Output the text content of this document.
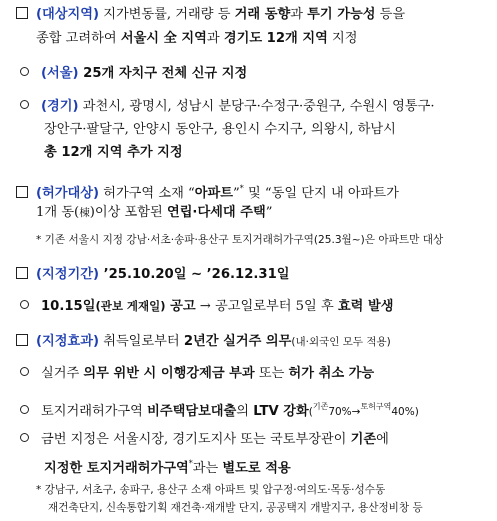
(대상지역) 지가변동률, 거래량 등 거래 동향과 투기 가능성 등을
종합 고려하여 서울시 全 지역과 경기도 12개 지역 지정
(서울) 25개 자치구 전체 신규 지정
(경기) 과천시, 광명시, 성남시 분당구·수정구·중원구, 수원시 영통구·
장안구·팔달구, 안양시 동안구, 용인시 수지구, 의왕시, 하남시
총 12개 지역 추가 지정
(허가대상) 허가구역 소재 “아파트”* 및 “동일 단지 내 아파트가
1개 동(棟)이상 포함된 연립·다세대 주택”
* 기존 서울시 지정 강남·서초·송파·용산구 토지거래허가구역(25.3월~)은 아파트만 대상
(지정기간) ’25.10.20일 ∼ ’26.12.31일
10.15일(관보 게재일) 공고 → 공고일로부터 5일 후 효력 발생
(지정효과) 취득일로부터 2년간 실거주 의무(내·외국인 모두 적용)
실거주 의무 위반 시 이행강제금 부과 또는 허가 취소 가능
토지거래허가구역 비주택담보대출의 LTV 강화($^{기존}$70%→$^{토허구역}$40%)
금번 지정은 서울시장, 경기도지사 또는 국토부장관이 기존에
지정한 토지거래허가구역*과는 별도로 적용
* 강남구, 서초구, 송파구, 용산구 소재 아파트 및 압구정·여의도·목동·성수동
재건축단지, 신속통합기획 재건축·재개발 단지, 공공택지 개발지구, 용산정비창 등
